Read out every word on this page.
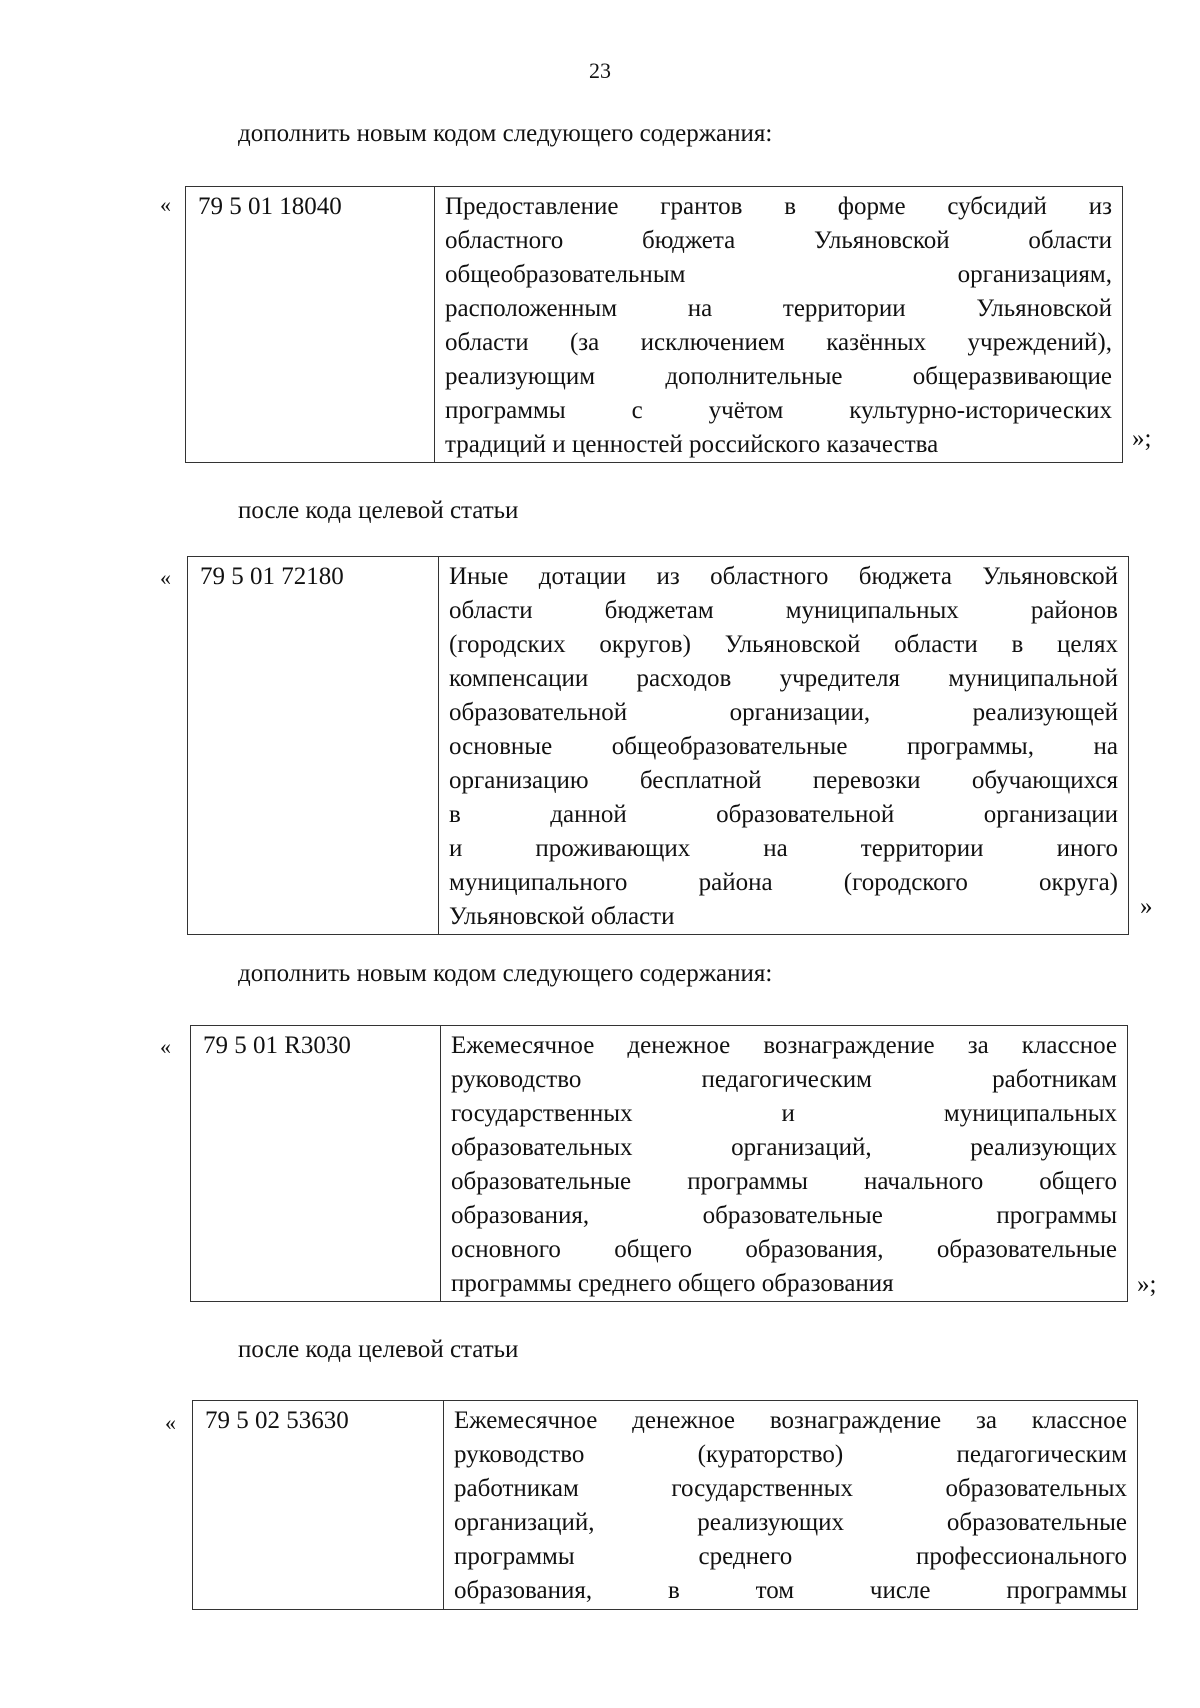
23
дополнить новым кодом следующего содержания:
« 79 5 01 18040	Предоставление грантов в форме субсидий из
областного бюджета Ульяновской области
общеобразовательным организациям,
расположенным на территории Ульяновской
области (за исключением казённых учреждений),
реализующим дополнительные общеразвивающие
программы с учётом культурно-исторических
традиций и ценностей российского казачества	»;
после кода целевой статьи
« 79 5 01 72180	Иные дотации из областного бюджета Ульяновской
области бюджетам муниципальных районов
(городских округов) Ульяновской области в целях
компенсации расходов учредителя муниципальной
образовательной организации, реализующей
основные общеобразовательные программы, на
организацию бесплатной перевозки обучающихся
в данной образовательной организации
и проживающих на территории иного
муниципального района (городского округа)
Ульяновской области	»
дополнить новым кодом следующего содержания:
« 79 5 01 R3030	Ежемесячное денежное вознаграждение за классное
руководство педагогическим работникам
государственных и муниципальных
образовательных организаций, реализующих
образовательные программы начального общего
образования, образовательные программы
основного общего образования, образовательные
программы среднего общего образования	»;
после кода целевой статьи
« 79 5 02 53630	Ежемесячное денежное вознаграждение за классное
руководство (кураторство) педагогическим
работникам государственных образовательных
организаций, реализующих образовательные
программы среднего профессионального
образования, в том числе программы
